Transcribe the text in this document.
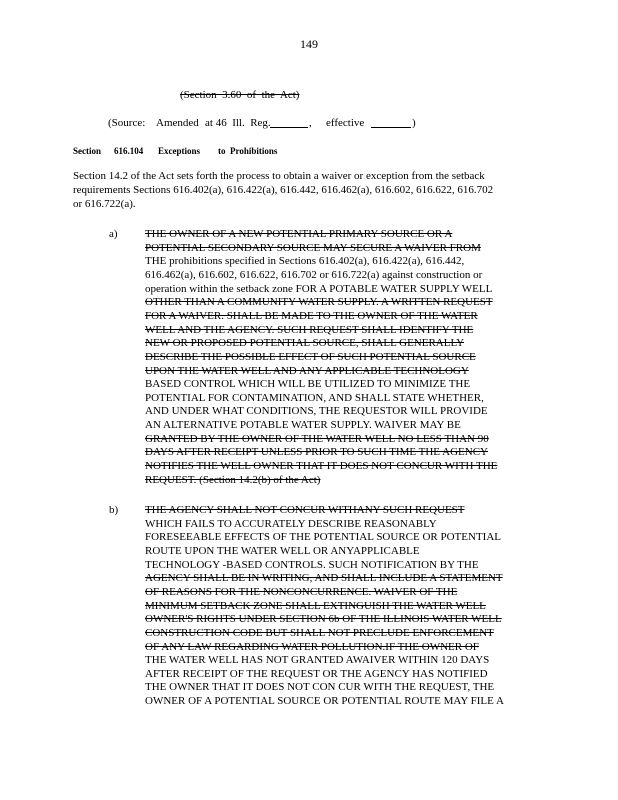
149
(Section  3.60  of  the  Act)
(Source: Amended at 46  Ill.  Reg.	, effective	)
Section 616.104 Exceptions to  Prohibitions
Section 14.2 of the Act sets forth the process to obtain a waiver or exception from the setback
requirements Sections 616.402(a), 616.422(a), 616.442, 616.462(a), 616.602, 616.622, 616.702
or 616.722(a).
a) THE OWNER OF A NEW POTENTIAL PRIMARY SOURCE OR A
POTENTIAL SECONDARY SOURCE MAY SECURE A WAIVER FROM
THE prohibitions specified in Sections 616.402(a), 616.422(a), 616.442,
616.462(a), 616.602, 616.622, 616.702 or 616.722(a) against construction or
operation within the setback zone FOR A POTABLE WATER SUPPLY WELL
OTHER THAN A COMMUNITY WATER SUPPLY. A WRITTEN REQUEST
FOR A WAIVER. SHALL BE MADE TO THE OWNER OF THE WATER
WELL AND THE AGENCY. SUCH REQUEST SHALL IDENTIFY THE
NEW OR PROPOSED POTENTIAL SOURCE, SHALL GENERALLY
DESCRIBE THE POSSIBLE EFFECT OF SUCH POTENTIAL SOURCE
UPON THE WATER WELL AND ANY APPLICABLE TECHNOLOGY
BASED CONTROL WHICH WILL BE UTILIZED TO MINIMIZE THE
POTENTIAL FOR CONTAMINATION, AND SHALL STATE WHETHER,
AND UNDER WHAT CONDITIONS, THE REQUESTOR WILL PROVIDE
AN ALTERNATIVE POTABLE WATER SUPPLY. WAIVER MAY BE
GRANTED BY THE OWNER OF THE WATER WELL NO LESS THAN 90
DAYS AFTER RECEIPT UNLESS PRIOR TO SUCH TIME THE AGENCY
NOTIFIES THE WELL OWNER THAT IT DOES NOT CONCUR WITH THE
REQUEST. (Section 14.2(b) of the Act)
b) THE AGENCY SHALL NOT CONCUR WITHANY SUCH REQUEST
WHICH FAILS TO ACCURATELY DESCRIBE REASONABLY
FORESEEABLE EFFECTS OF THE POTENTIAL SOURCE OR POTENTIAL
ROUTE UPON THE WATER WELL OR ANYAPPLICABLE
TECHNOLOGY -BASED CONTROLS. SUCH NOTIFICATION BY THE
AGENCY SHALL BE IN WRITING, AND SHALL INCLUDE A STATEMENT
OF REASONS FOR THE NONCONCURRENCE. WAIVER OF THE
MINIMUM SETBACK ZONE SHALL EXTINGUISH THE WATER WELL
OWNER'S RIGHTS UNDER SECTION 6b OF THE ILLINOIS WATER WELL
CONSTRUCTION CODE BUT SHALL NOT PRECLUDE ENFORCEMENT
OF ANY LAW REGARDING WATER POLLUTION.IF THE OWNER OF
THE WATER WELL HAS NOT GRANTED AWAIVER WITHIN 120 DAYS
AFTER RECEIPT OF THE REQUEST OR THE AGENCY HAS NOTIFIED
THE OWNER THAT IT DOES NOT CON CUR WITH THE REQUEST, THE
OWNER OF A POTENTIAL SOURCE OR POTENTIAL ROUTE MAY FILE A
